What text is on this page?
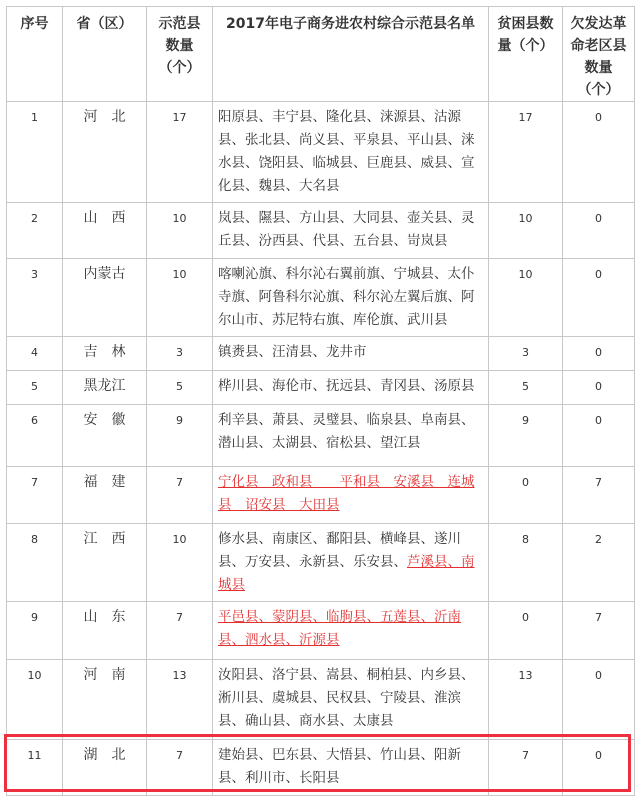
序号	省（区）	示范县数量（个）	2017年电子商务进农村综合示范县名单	贫困县数量（个）	欠发达革命老区县数量（个）
1	河　北	17	阳原县、丰宁县、隆化县、涞源县、沽源县、张北县、尚义县、平泉县、平山县、涞水县、饶阳县、临城县、巨鹿县、威县、宣化县、魏县、大名县	17	0
2	山　西	10	岚县、隰县、方山县、大同县、壶关县、灵丘县、汾西县、代县、五台县、岢岚县	10	0
3	内蒙古	10	喀喇沁旗、科尔沁右翼前旗、宁城县、太仆寺旗、阿鲁科尔沁旗、科尔沁左翼后旗、阿尔山市、苏尼特右旗、库伦旗、武川县	10	0
4	吉　林	3	镇赉县、汪清县、龙井市	3	0
5	黑龙江	5	桦川县、海伦市、抚远县、青冈县、汤原县	5	0
6	安　徽	9	利辛县、萧县、灵璧县、临泉县、阜南县、潜山县、太湖县、宿松县、望江县	9	0
7	福　建	7	宁化县　政和县　　平和县　安溪县　连城县　诏安县　大田县	0	7
8	江　西	10	修水县、南康区、鄱阳县、横峰县、遂川县、万安县、永新县、乐安县、芦溪县、南城县	8	2
9	山　东	7	平邑县、蒙阴县、临朐县、五莲县、沂南县、泗水县、沂源县	0	7
10	河　南	13	汝阳县、洛宁县、嵩县、桐柏县、内乡县、淅川县、虞城县、民权县、宁陵县、淮滨县、确山县、商水县、太康县	13	0
11	湖　北	7	建始县、巴东县、大悟县、竹山县、阳新县、利川市、长阳县	7	0
